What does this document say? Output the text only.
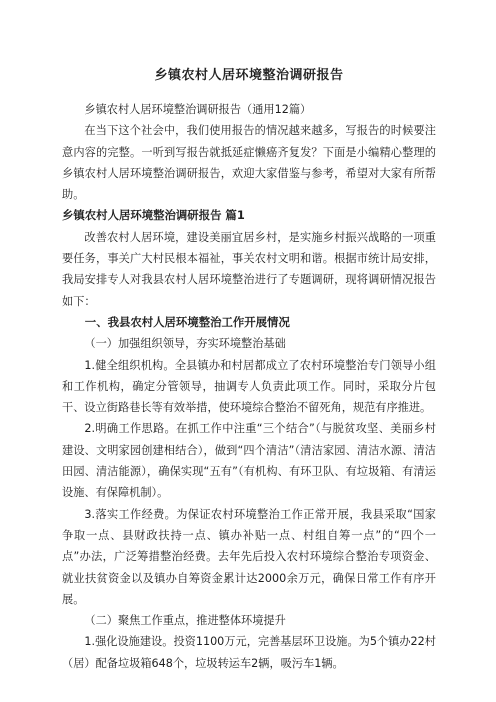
乡镇农村人居环境整治调研报告

乡镇农村人居环境整治调研报告（通用12篇）

在当下这个社会中，我们使用报告的情况越来越多，写报告的时候要注意内容的完整。一听到写报告就抵延症懒癌齐复发？下面是小编精心整理的乡镇农村人居环境整治调研报告，欢迎大家借鉴与参考，希望对大家有所帮助。

乡镇农村人居环境整治调研报告 篇1

改善农村人居环境，建设美丽宜居乡村，是实施乡村振兴战略的一项重要任务，事关广大村民根本福祉，事关农村文明和谐。根据市统计局安排，我局安排专人对我县农村人居环境整治进行了专题调研，现将调研情况报告如下：

一、我县农村人居环境整治工作开展情况

（一）加强组织领导，夯实环境整治基础

1.健全组织机构。全县镇办和村居都成立了农村环境整治专门领导小组和工作机构，确定分管领导，抽调专人负责此项工作。同时，采取分片包干、设立街路巷长等有效举措，使环境综合整治不留死角，规范有序推进。

2.明确工作思路。在抓工作中注重“三个结合”（与脱贫攻坚、美丽乡村建设、文明家园创建相结合），做到“四个清洁”（清洁家园、清洁水源、清洁田园、清洁能源），确保实现“五有”（有机构、有环卫队、有垃圾箱、有清运设施、有保障机制）。

3.落实工作经费。为保证农村环境整治工作正常开展，我县采取“国家争取一点、县财政扶持一点、镇办补贴一点、村组自筹一点”的“四个一点”办法，广泛筹措整治经费。去年先后投入农村环境综合整治专项资金、就业扶贫资金以及镇办自筹资金累计达2000余万元，确保日常工作有序开展。

（二）聚焦工作重点，推进整体环境提升

1.强化设施建设。投资1100万元，完善基层环卫设施。为5个镇办22村（居）配备垃圾箱648个，垃圾转运车2辆，吸污车1辆。
